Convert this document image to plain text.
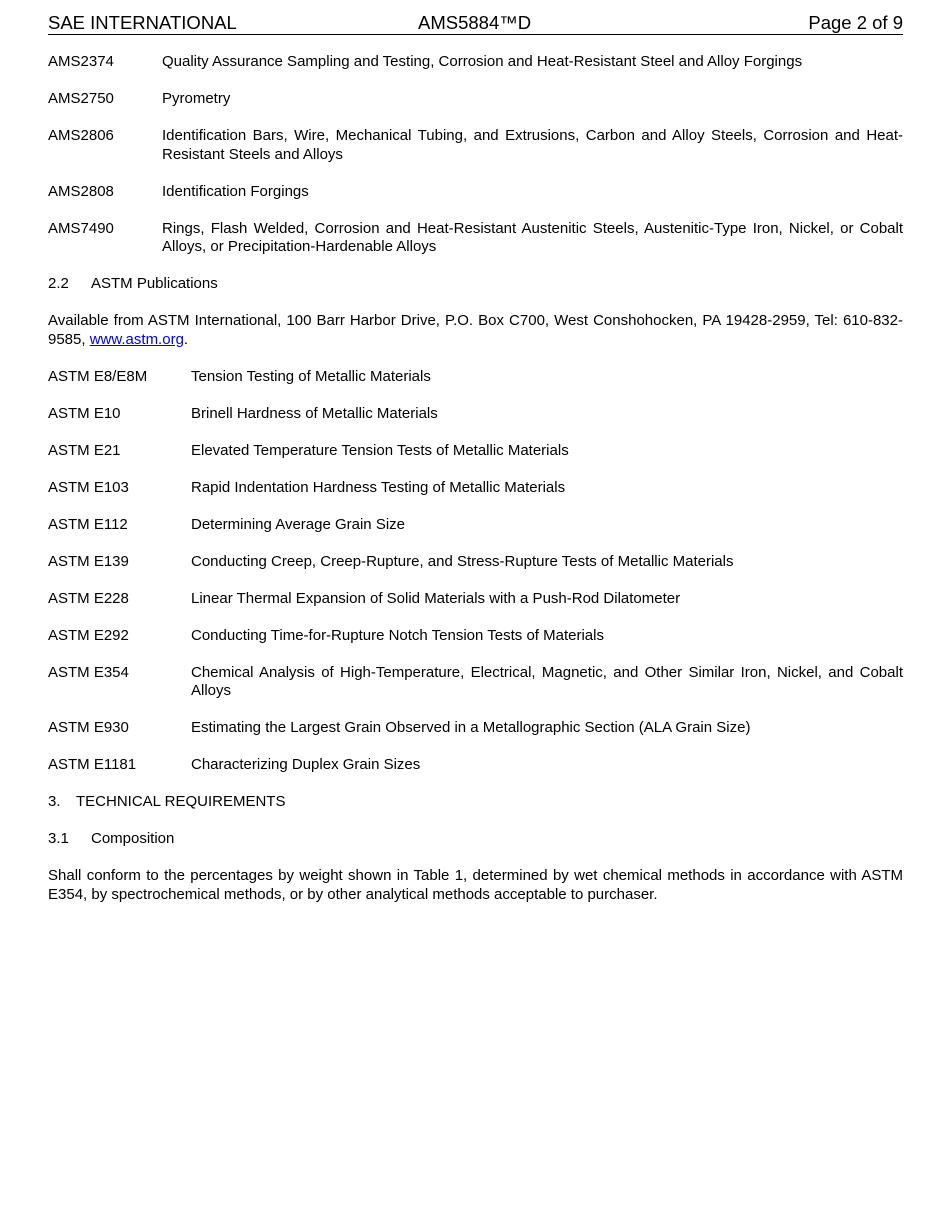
SAE INTERNATIONAL	AMS5884™D	Page 2 of 9
AMS2374	Quality Assurance Sampling and Testing, Corrosion and Heat-Resistant Steel and Alloy Forgings
AMS2750	Pyrometry
AMS2806	Identification Bars, Wire, Mechanical Tubing, and Extrusions, Carbon and Alloy Steels, Corrosion and Heat-Resistant Steels and Alloys
AMS2808	Identification Forgings
AMS7490	Rings, Flash Welded, Corrosion and Heat-Resistant Austenitic Steels, Austenitic-Type Iron, Nickel, or Cobalt Alloys, or Precipitation-Hardenable Alloys
2.2 ASTM Publications
Available from ASTM International, 100 Barr Harbor Drive, P.O. Box C700, West Conshohocken, PA 19428-2959, Tel: 610-832-9585, www.astm.org.
ASTM E8/E8M	Tension Testing of Metallic Materials
ASTM E10	Brinell Hardness of Metallic Materials
ASTM E21	Elevated Temperature Tension Tests of Metallic Materials
ASTM E103	Rapid Indentation Hardness Testing of Metallic Materials
ASTM E112	Determining Average Grain Size
ASTM E139	Conducting Creep, Creep-Rupture, and Stress-Rupture Tests of Metallic Materials
ASTM E228	Linear Thermal Expansion of Solid Materials with a Push-Rod Dilatometer
ASTM E292	Conducting Time-for-Rupture Notch Tension Tests of Materials
ASTM E354	Chemical Analysis of High-Temperature, Electrical, Magnetic, and Other Similar Iron, Nickel, and Cobalt Alloys
ASTM E930	Estimating the Largest Grain Observed in a Metallographic Section (ALA Grain Size)
ASTM E1181	Characterizing Duplex Grain Sizes
3. TECHNICAL REQUIREMENTS
3.1 Composition
Shall conform to the percentages by weight shown in Table 1, determined by wet chemical methods in accordance with ASTM E354, by spectrochemical methods, or by other analytical methods acceptable to purchaser.
